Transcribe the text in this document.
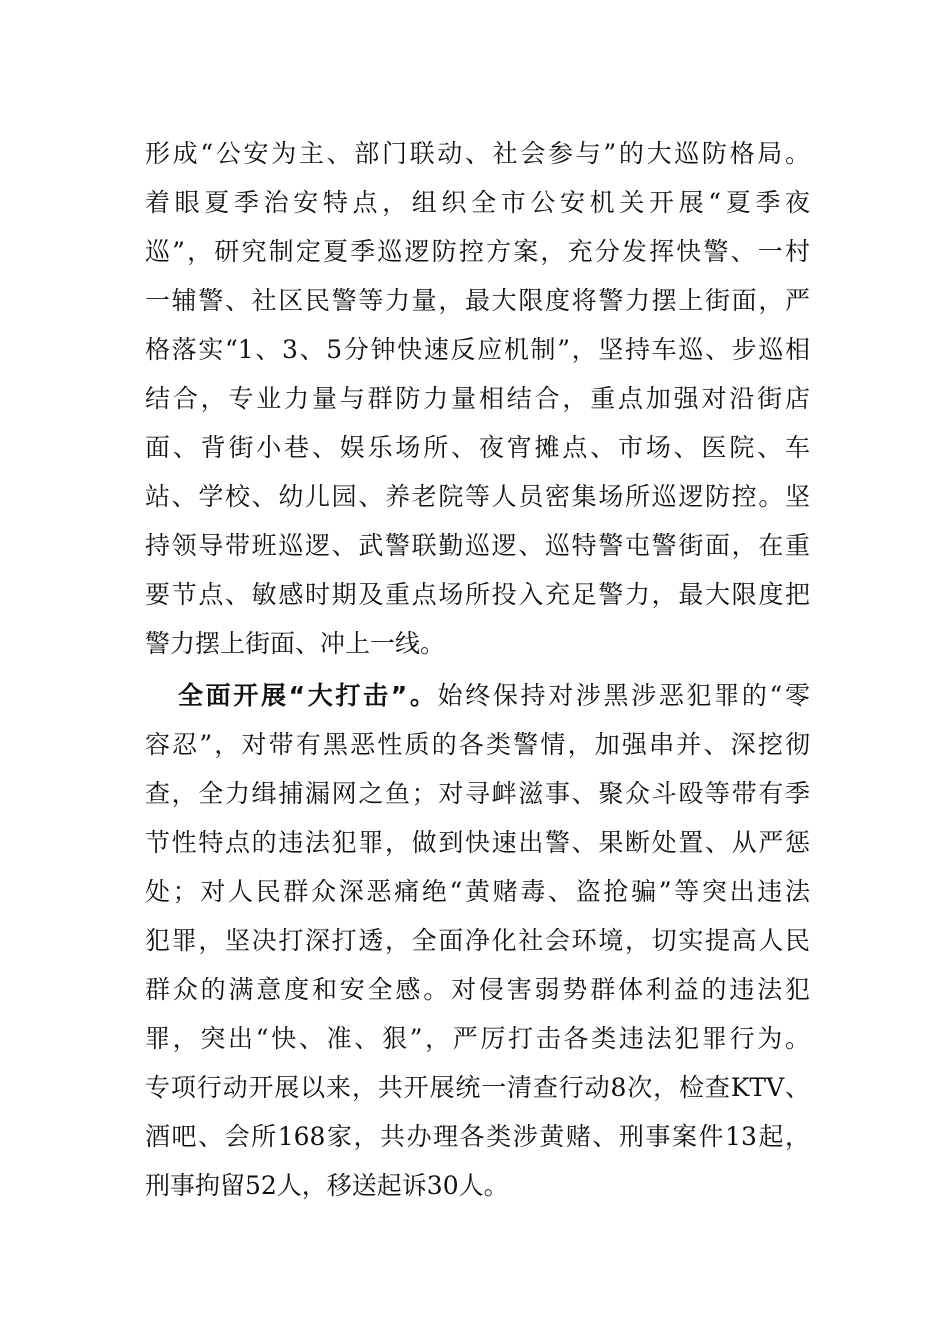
形成“公安为主、部门联动、社会参与”的大巡防格局。
着眼夏季治安特点，组织全市公安机关开展“夏季夜
巡”，研究制定夏季巡逻防控方案，充分发挥快警、一村
一辅警、社区民警等力量，最大限度将警力摆上街面，严
格落实“1、3、5分钟快速反应机制”，坚持车巡、步巡相
结合，专业力量与群防力量相结合，重点加强对沿街店
面、背街小巷、娱乐场所、夜宵摊点、市场、医院、车
站、学校、幼儿园、养老院等人员密集场所巡逻防控。坚
持领导带班巡逻、武警联勤巡逻、巡特警屯警街面，在重
要节点、敏感时期及重点场所投入充足警力，最大限度把
警力摆上街面、冲上一线。
全面开展“大打击”。始终保持对涉黑涉恶犯罪的“零
容忍”，对带有黑恶性质的各类警情，加强串并、深挖彻
查，全力缉捕漏网之鱼；对寻衅滋事、聚众斗殴等带有季
节性特点的违法犯罪，做到快速出警、果断处置、从严惩
处；对人民群众深恶痛绝“黄赌毒、盗抢骗”等突出违法
犯罪，坚决打深打透，全面净化社会环境，切实提高人民
群众的满意度和安全感。对侵害弱势群体利益的违法犯
罪，突出“快、准、狠”，严厉打击各类违法犯罪行为。
专项行动开展以来，共开展统一清查行动8次，检查KTV、
酒吧、会所168家，共办理各类涉黄赌、刑事案件13起，
刑事拘留52人，移送起诉30人。
